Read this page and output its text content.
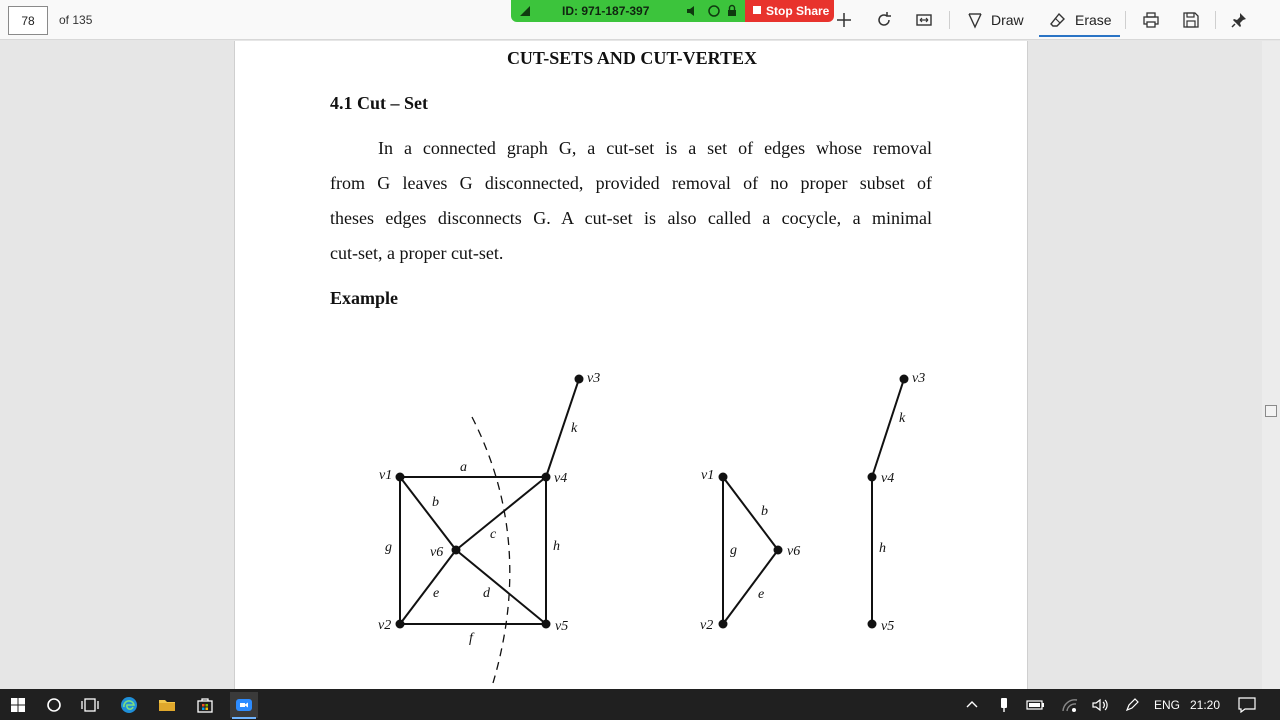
78	of 135	Draw	Erase
ID: 971-187-397	Stop Share
CUT-SETS AND CUT-VERTEX
4.1 Cut – Set
In a connected graph G, a cut-set is a set of edges whose removal
from G leaves G disconnected, provided removal of no proper subset of
theses edges disconnects G. A cut-set is also called a cocycle, a minimal
cut-set, a proper cut-set.
Example
v1
v2
v3
v4
v5
v6
a
b
c
d
e
f
g	h
k
v1
v2
v6
b
g
e
v3
v4
v5
k
h
ENG 21:20
